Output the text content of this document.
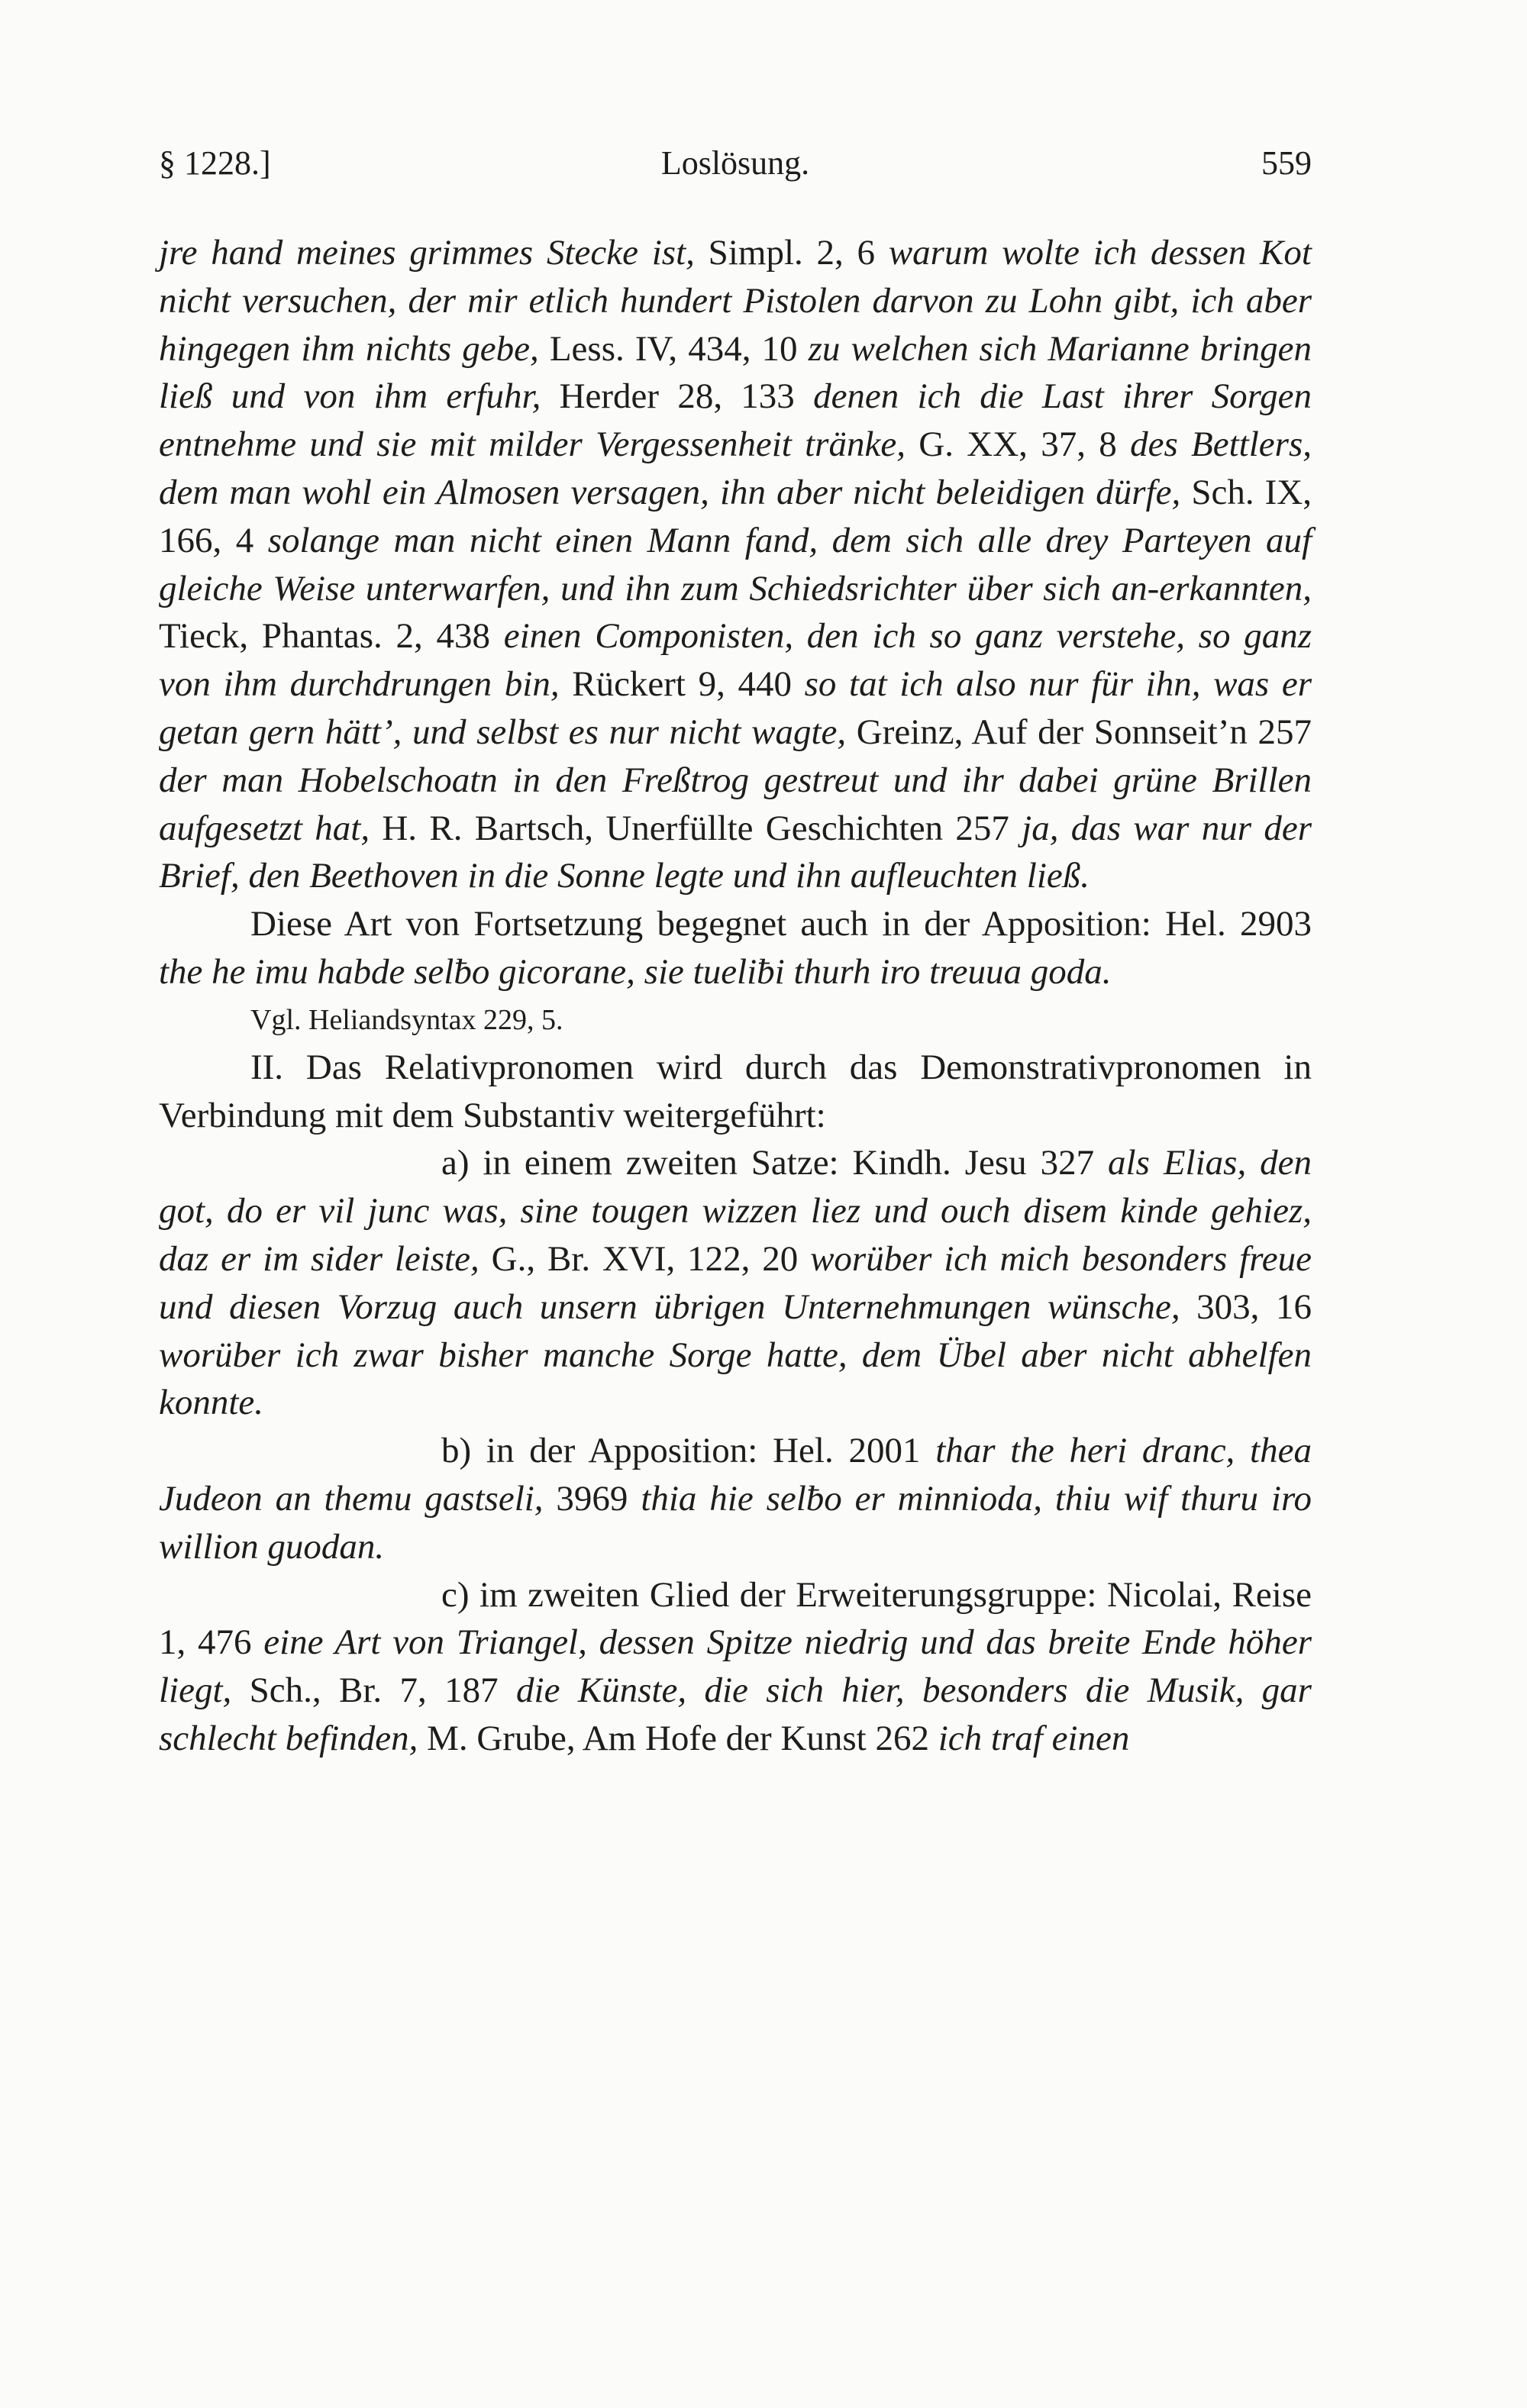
§ 1228.]	Loslösung.	559

jre hand meines grimmes Stecke ist, Simpl. 2, 6 warum wolte ich dessen Kot nicht versuchen, der mir etlich hundert Pistolen darvon zu Lohn gibt, ich aber hingegen ihm nichts gebe, Less. IV, 434, 10 zu welchen sich Marianne bringen ließ und von ihm erfuhr, Herder 28, 133 denen ich die Last ihrer Sorgen entnehme und sie mit milder Vergessenheit tränke, G. XX, 37, 8 des Bettlers, dem man wohl ein Almosen versagen, ihn aber nicht beleidigen dürfe, Sch. IX, 166, 4 solange man nicht einen Mann fand, dem sich alle drey Parteyen auf gleiche Weise unterwarfen, und ihn zum Schiedsrichter über sich an-erkannten, Tieck, Phantas. 2, 438 einen Componisten, den ich so ganz verstehe, so ganz von ihm durchdrungen bin, Rückert 9, 440 so tat ich also nur für ihn, was er getan gern hätt’, und selbst es nur nicht wagte, Greinz, Auf der Sonnseit’n 257 der man Hobelschoatn in den Freßtrog gestreut und ihr dabei grüne Brillen aufgesetzt hat, H. R. Bartsch, Unerfüllte Geschichten 257 ja, das war nur der Brief, den Beethoven in die Sonne legte und ihn aufleuchten ließ.

Diese Art von Fortsetzung begegnet auch in der Apposition: Hel. 2903 the he imu habde selƀo gicorane, sie tueliƀi thurh iro treuua goda.

Vgl. Heliandsyntax 229, 5.

II. Das Relativpronomen wird durch das Demonstrativpronomen in Verbindung mit dem Substantiv weitergeführt:

a) in einem zweiten Satze: Kindh. Jesu 327 als Elias, den got, do er vil junc was, sine tougen wizzen liez und ouch disem kinde gehiez, daz er im sider leiste, G., Br. XVI, 122, 20 worüber ich mich besonders freue und diesen Vorzug auch unsern übrigen Unternehmungen wünsche, 303, 16 worüber ich zwar bisher manche Sorge hatte, dem Übel aber nicht abhelfen konnte.

b) in der Apposition: Hel. 2001 thar the heri dranc, thea Judeon an themu gastseli, 3969 thia hie selƀo er minnioda, thiu wif thuru iro willion guodan.

c) im zweiten Glied der Erweiterungsgruppe: Nicolai, Reise 1, 476 eine Art von Triangel, dessen Spitze niedrig und das breite Ende höher liegt, Sch., Br. 7, 187 die Künste, die sich hier, besonders die Musik, gar schlecht befinden, M. Grube, Am Hofe der Kunst 262 ich traf einen
